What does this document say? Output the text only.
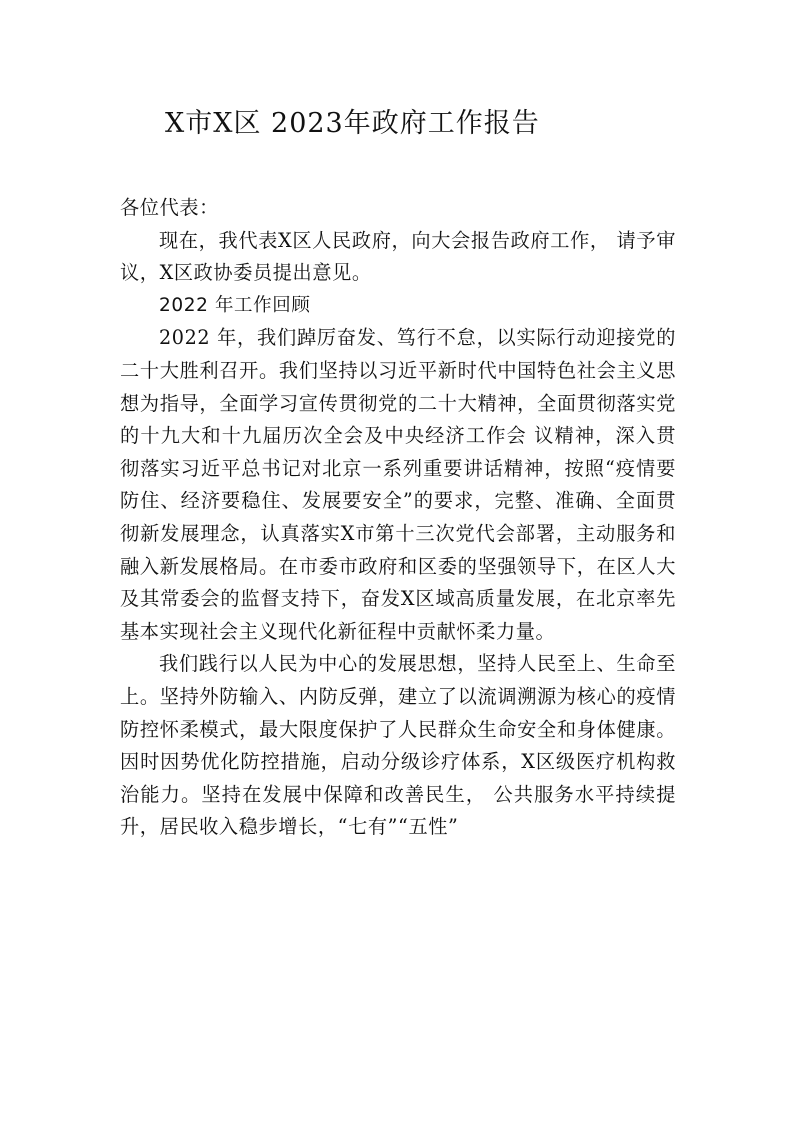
X市X区 2023年政府工作报告

各位代表：

现在，我代表X区人民政府，向大会报告政府工作， 请予审议，X区政协委员提出意见。

2022 年工作回顾

2022 年，我们踔厉奋发、笃行不怠，以实际行动迎接党的二十大胜利召开。我们坚持以习近平新时代中国特色社会主义思想为指导，全面学习宣传贯彻党的二十大精神，全面贯彻落实党的十九大和十九届历次全会及中央经济工作会 议精神，深入贯彻落实习近平总书记对北京一系列重要讲话精神，按照“疫情要防住、经济要稳住、发展要安全”的要求，完整、准确、全面贯彻新发展理念，认真落实X市第十三次党代会部署，主动服务和融入新发展格局。在市委市政府和区委的坚强领导下，在区人大及其常委会的监督支持下，奋发X区域高质量发展，在北京率先基本实现社会主义现代化新征程中贡献怀柔力量。

我们践行以人民为中心的发展思想，坚持人民至上、生命至上。坚持外防输入、内防反弹，建立了以流调溯源为核心的疫情防控怀柔模式，最大限度保护了人民群众生命安全和身体健康。因时因势优化防控措施，启动分级诊疗体系，X区级医疗机构救治能力。坚持在发展中保障和改善民生， 公共服务水平持续提升，居民收入稳步增长，“七有”“五性”
